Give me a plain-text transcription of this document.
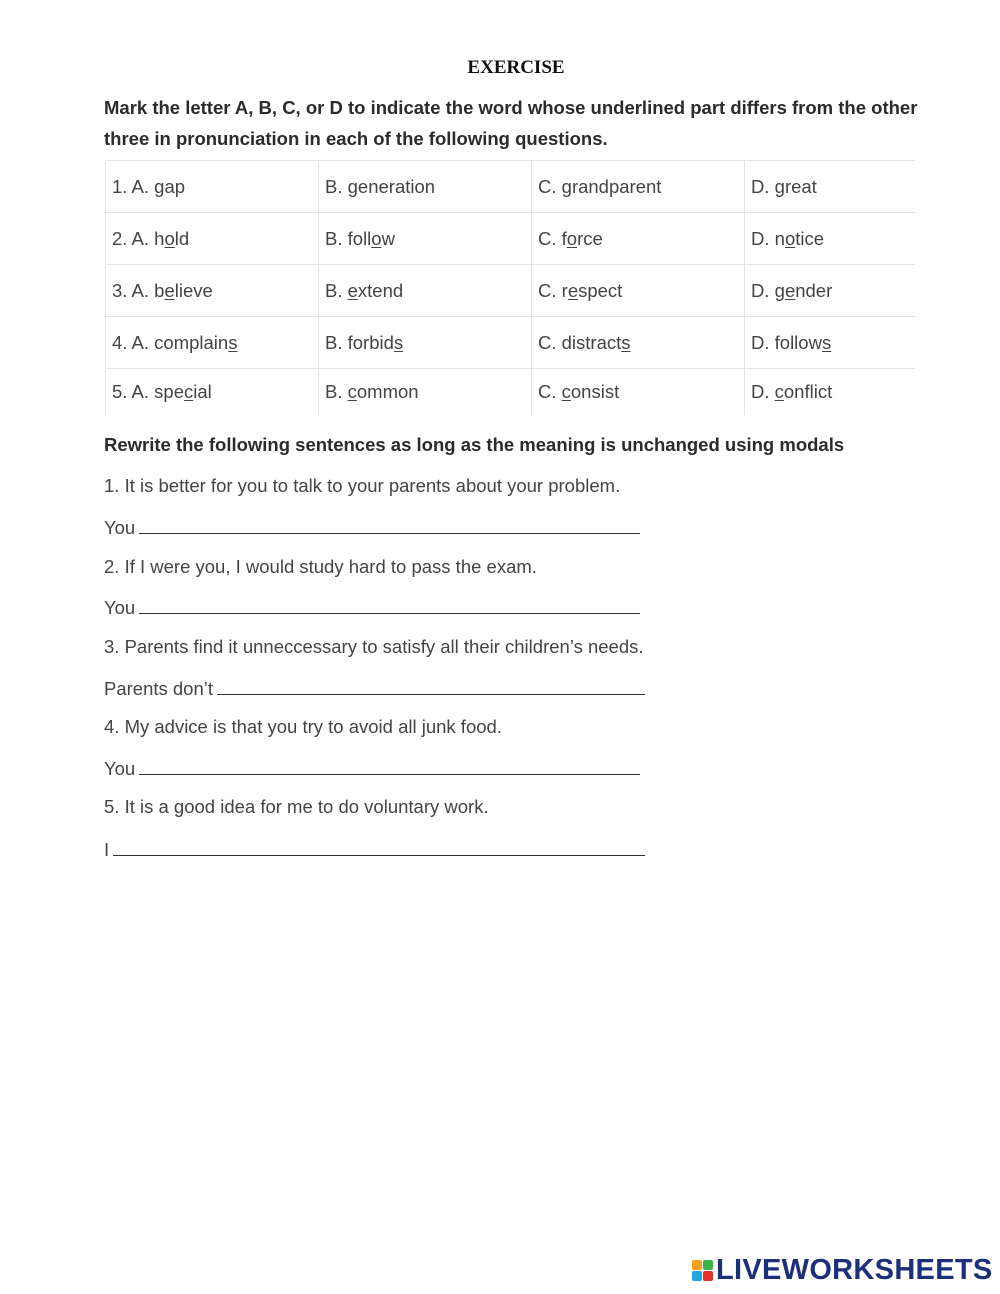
EXERCISE
Mark the letter A, B, C, or D to indicate the word whose underlined part differs from the other three in pronunciation in each of the following questions.
1. A. gap	B. generation	C. grandparent	D. great
2. A. hold	B. follow	C. force	D. notice
3. A. believe	B. extend	C. respect	D. gender
4. A. complains	B. forbids	C. distracts	D. follows
5. A. special	B. common	C. consist	D. conflict
Rewrite the following sentences as long as the meaning is unchanged using modals
1. It is better for you to talk to your parents about your problem.
You
2. If I were you, I would study hard to pass the exam.
You
3. Parents find it unneccessary to satisfy all their children’s needs.
Parents don’t
4. My advice is that you try to avoid all junk food.
You
5. It is a good idea for me to do voluntary work.
I
LIVEWORKSHEETS
